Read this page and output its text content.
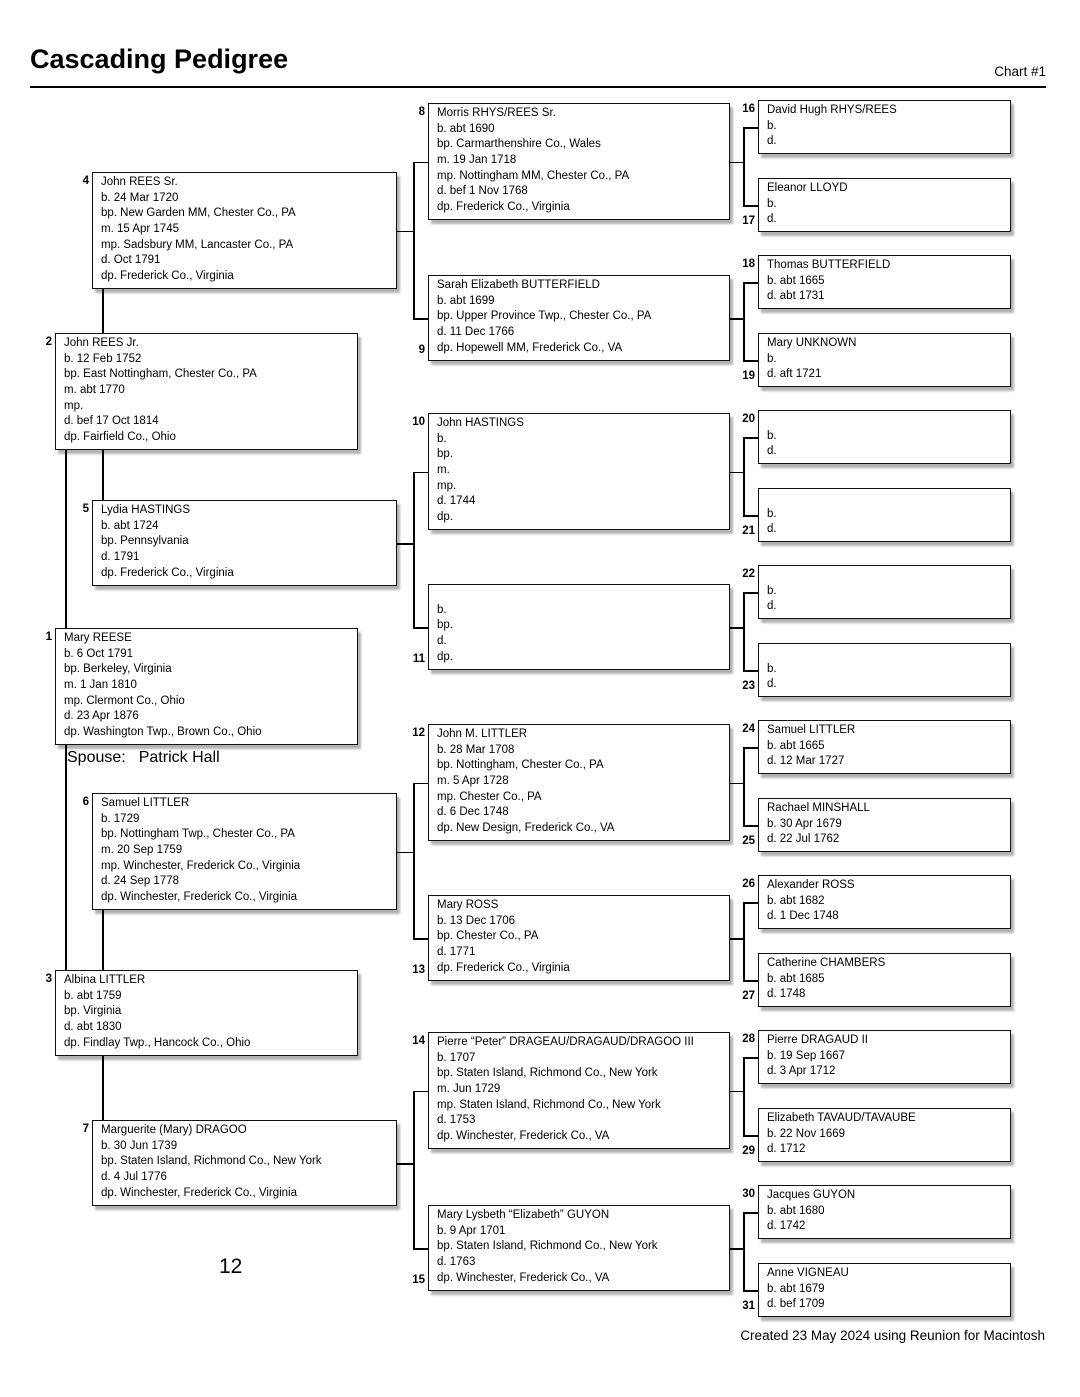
Cascading Pedigree	Chart #1
Spouse: Patrick Hall
12
Mary REESE
b. 6 Oct 1791
bp. Berkeley, Virginia
m. 1 Jan 1810
mp. Clermont Co., Ohio
d. 23 Apr 1876
dp. Washington Twp., Brown Co., Ohio
1
John REES Jr.
b. 12 Feb 1752
bp. East Nottingham, Chester Co., PA
m. abt 1770
mp.
d. bef 17 Oct 1814
dp. Fairfield Co., Ohio
2
Albina LITTLER
b. abt 1759
bp. Virginia
d. abt 1830
dp. Findlay Twp., Hancock Co., Ohio
3
John REES Sr.
b. 24 Mar 1720
bp. New Garden MM, Chester Co., PA
m. 15 Apr 1745
mp. Sadsbury MM, Lancaster Co., PA
d. Oct 1791
dp. Frederick Co., Virginia
4
Lydia HASTINGS
b. abt 1724
bp. Pennsylvania
d. 1791
dp. Frederick Co., Virginia
5
Samuel LITTLER
b. 1729
bp. Nottingham Twp., Chester Co., PA
m. 20 Sep 1759
mp. Winchester, Frederick Co., Virginia
d. 24 Sep 1778
dp. Winchester, Frederick Co., Virginia
6
Marguerite (Mary) DRAGOO
b. 30 Jun 1739
bp. Staten Island, Richmond Co., New York
d. 4 Jul 1776
dp. Winchester, Frederick Co., Virginia
7
Morris RHYS/REES Sr.
b. abt 1690
bp. Carmarthenshire Co., Wales
m. 19 Jan 1718
mp. Nottingham MM, Chester Co., PA
d. bef 1 Nov 1768
dp. Frederick Co., Virginia
8
Sarah Elizabeth BUTTERFIELD
b. abt 1699
bp. Upper Province Twp., Chester Co., PA
d. 11 Dec 1766
dp. Hopewell MM, Frederick Co., VA
9
John HASTINGS
b.
bp.
m.
mp.
d. 1744
dp.
10
b.
bp.
d.
dp.
11
John M. LITTLER
b. 28 Mar 1708
bp. Nottingham, Chester Co., PA
m. 5 Apr 1728
mp. Chester Co., PA
d. 6 Dec 1748
dp. New Design, Frederick Co., VA
12
Mary ROSS
b. 13 Dec 1706
bp. Chester Co., PA
d. 1771
dp. Frederick Co., Virginia
13
Pierre “Peter” DRAGEAU/DRAGAUD/DRAGOO III
b. 1707
bp. Staten Island, Richmond Co., New York
m. Jun 1729
mp. Staten Island, Richmond Co., New York
d. 1753
dp. Winchester, Frederick Co., VA
14
Mary Lysbeth “Elizabeth” GUYON
b. 9 Apr 1701
bp. Staten Island, Richmond Co., New York
d. 1763
dp. Winchester, Frederick Co., VA
15
David Hugh RHYS/REES
b.
d.
16
Eleanor LLOYD
b.
d.
17
Thomas BUTTERFIELD
b. abt 1665
d. abt 1731
18
Mary UNKNOWN
b.
d. aft 1721
19
b.
d.
20
b.
d.
21
b.
d.
22
b.
d.
23
Samuel LITTLER
b. abt 1665
d. 12 Mar 1727
24
Rachael MINSHALL
b. 30 Apr 1679
d. 22 Jul 1762
25
Alexander ROSS
b. abt 1682
d. 1 Dec 1748
26
Catherine CHAMBERS
b. abt 1685
d. 1748
27
Pierre DRAGAUD II
b. 19 Sep 1667
d. 3 Apr 1712
28
Elizabeth TAVAUD/TAVAUBE
b. 22 Nov 1669
d. 1712
29
Jacques GUYON
b. abt 1680
d. 1742
30
Anne VIGNEAU
b. abt 1679
d. bef 1709
31
Created 23 May 2024 using Reunion for Macintosh
